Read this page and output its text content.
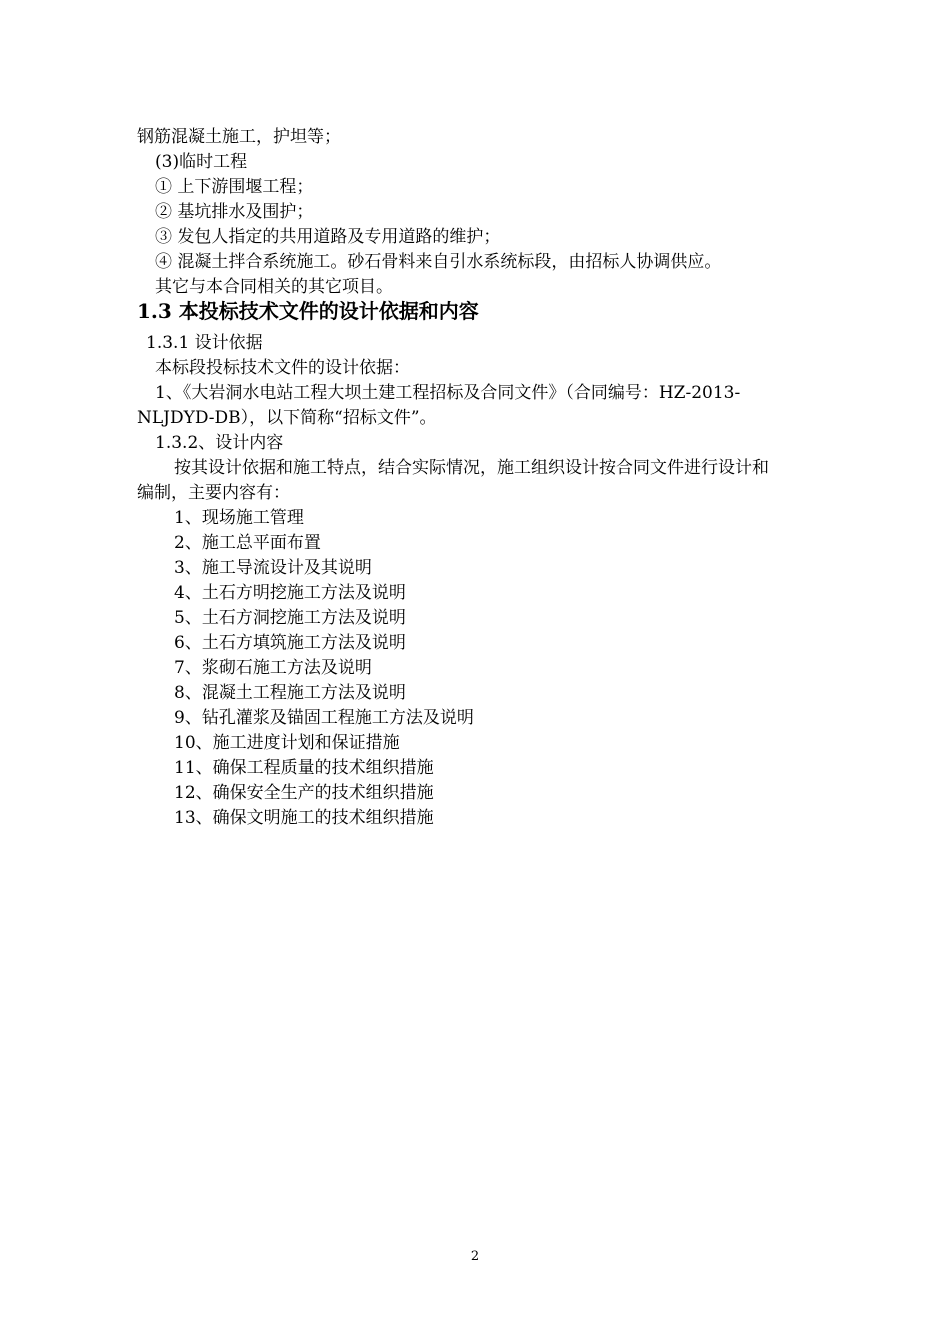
钢筋混凝土施工，护坦等；
(3)临时工程
① 上下游围堰工程；
② 基坑排水及围护；
③ 发包人指定的共用道路及专用道路的维护；
④ 混凝土拌合系统施工。砂石骨料来自引水系统标段，由招标人协调供应。
其它与本合同相关的其它项目。
1.3 本投标技术文件的设计依据和内容
1.3.1 设计依据
本标段投标技术文件的设计依据：
1、《大岩洞水电站工程大坝土建工程招标及合同文件》（合同编号：HZ-2013-
NLJDYD-DB），以下简称“招标文件”。
1.3.2、设计内容
按其设计依据和施工特点，结合实际情况，施工组织设计按合同文件进行设计和
编制，主要内容有：
1、现场施工管理
2、施工总平面布置
3、施工导流设计及其说明
4、土石方明挖施工方法及说明
5、土石方洞挖施工方法及说明
6、土石方填筑施工方法及说明
7、浆砌石施工方法及说明
8、混凝土工程施工方法及说明
9、钻孔灌浆及锚固工程施工方法及说明
10、施工进度计划和保证措施
11、确保工程质量的技术组织措施
12、确保安全生产的技术组织措施
13、确保文明施工的技术组织措施
2
